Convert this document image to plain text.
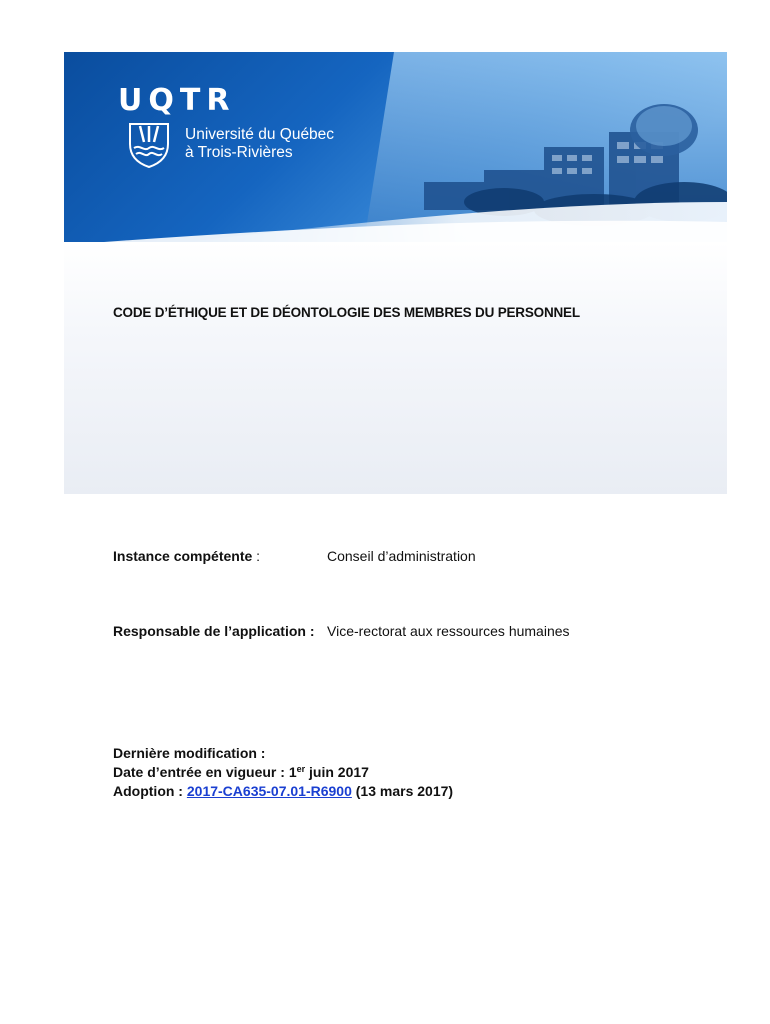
UQTR
Université du Québec
à Trois-Rivières
CODE D’ÉTHIQUE ET DE DÉONTOLOGIE DES MEMBRES DU PERSONNEL
Instance compétente :	Conseil d’administration
Responsable de l’application : Vice-rectorat aux ressources humaines
Dernière modification :
Date d’entrée en vigueur : 1er juin 2017
Adoption : 2017-CA635-07.01-R6900 (13 mars 2017)
